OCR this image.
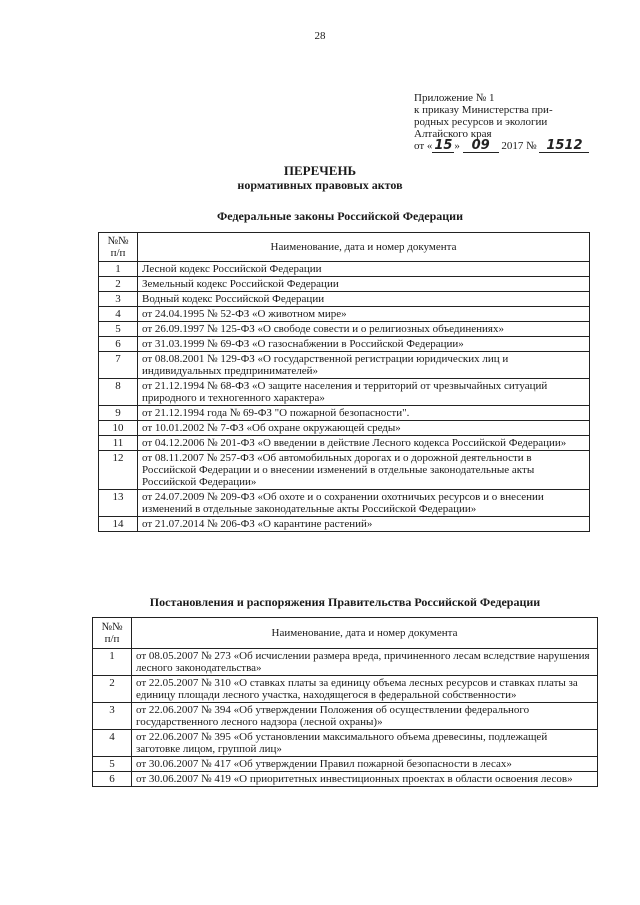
28
Приложение № 1
к приказу Министерства при-
родных ресурсов и экологии
Алтайского края
от « 15 » 09 2017 № 1512
ПЕРЕЧЕНЬ
нормативных правовых актов
Федеральные законы Российской Федерации
№№ п/п	Наименование, дата и номер документа
1	Лесной кодекс Российской Федерации
2	Земельный кодекс Российской Федерации
3	Водный кодекс Российской Федерации
4	от 24.04.1995 № 52-ФЗ «О животном мире»
5	от 26.09.1997 № 125-ФЗ «О свободе совести и о религиозных объединениях»
6	от 31.03.1999 № 69-ФЗ «О газоснабжении в Российской Федерации»
7	от 08.08.2001 № 129-ФЗ «О государственной регистрации юридических лиц и индивидуальных предпринимателей»
8	от 21.12.1994 № 68-ФЗ «О защите населения и территорий от чрезвычайных ситуаций природного и техногенного характера»
9	от 21.12.1994 года № 69-ФЗ "О пожарной безопасности".
10	от 10.01.2002 № 7-ФЗ «Об охране окружающей среды»
11	от 04.12.2006 № 201-ФЗ «О введении в действие Лесного кодекса Российской Федерации»
12	от 08.11.2007 № 257-ФЗ «Об автомобильных дорогах и о дорожной деятельности в Российской Федерации и о внесении изменений в отдельные законодательные акты Российской Федерации»
13	от 24.07.2009 № 209-ФЗ «Об охоте и о сохранении охотничьих ресурсов и о внесении изменений в отдельные законодательные акты Российской Федерации»
14	от 21.07.2014 № 206-ФЗ «О карантине растений»
Постановления и распоряжения Правительства Российской Федерации
№№ п/п	Наименование, дата и номер документа
1	от 08.05.2007 № 273 «Об исчислении размера вреда, причиненного лесам вследствие нарушения лесного законодательства»
2	от 22.05.2007 № 310 «О ставках платы за единицу объема лесных ресурсов и ставках платы за единицу площади лесного участка, находящегося в федеральной собственности»
3	от 22.06.2007 № 394 «Об утверждении Положения об осуществлении федерального государственного лесного надзора (лесной охраны)»
4	от 22.06.2007 № 395 «Об установлении максимального объема древесины, подлежащей заготовке лицом, группой лиц»
5	от 30.06.2007 № 417 «Об утверждении Правил пожарной безопасности в лесах»
6	от 30.06.2007 № 419 «О приоритетных инвестиционных проектах в области освоения лесов»
